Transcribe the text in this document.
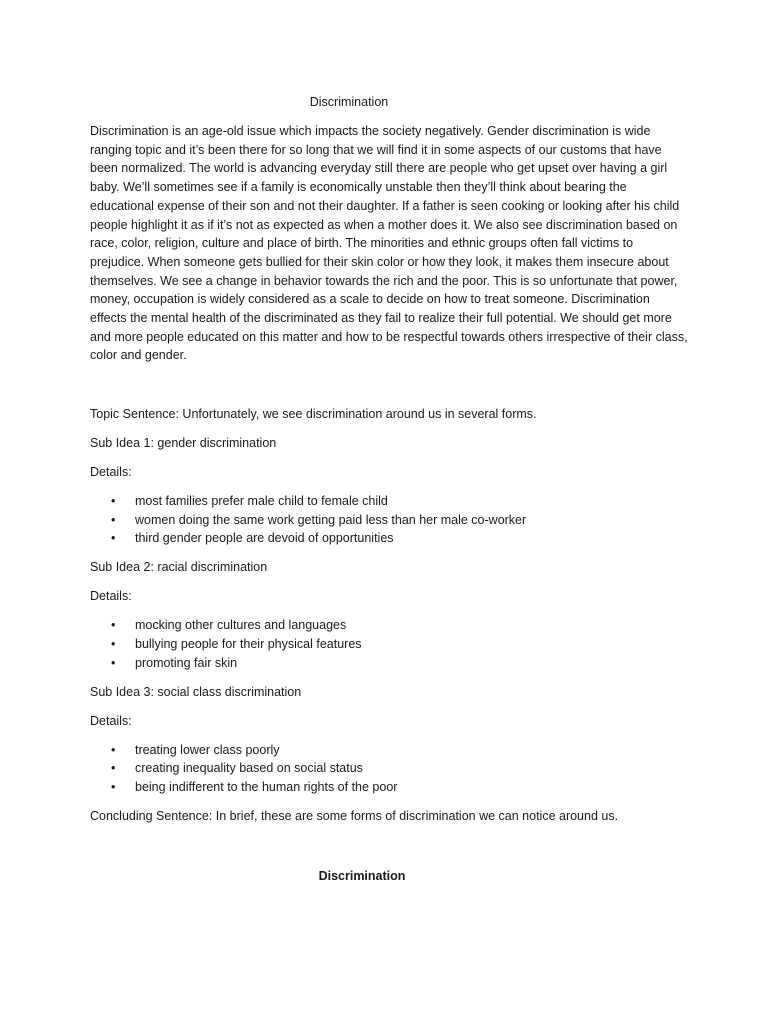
Discrimination

Discrimination is an age-old issue which impacts the society negatively. Gender discrimination is wide ranging topic and it’s been there for so long that we will find it in some aspects of our customs that have been normalized. The world is advancing everyday still there are people who get upset over having a girl baby. We’ll sometimes see if a family is economically unstable then they’ll think about bearing the educational expense of their son and not their daughter. If a father is seen cooking or looking after his child people highlight it as if it’s not as expected as when a mother does it. We also see discrimination based on race, color, religion, culture and place of birth. The minorities and ethnic groups often fall victims to prejudice. When someone gets bullied for their skin color or how they look, it makes them insecure about themselves. We see a change in behavior towards the rich and the poor. This is so unfortunate that power, money, occupation is widely considered as a scale to decide on how to treat someone. Discrimination effects the mental health of the discriminated as they fail to realize their full potential. We should get more and more people educated on this matter and how to be respectful towards others irrespective of their class, color and gender.

Topic Sentence: Unfortunately, we see discrimination around us in several forms.

Sub Idea 1: gender discrimination

Details:

• most families prefer male child to female child
• women doing the same work getting paid less than her male co-worker
• third gender people are devoid of opportunities

Sub Idea 2: racial discrimination

Details:

• mocking other cultures and languages
• bullying people for their physical features
• promoting fair skin

Sub Idea 3: social class discrimination

Details:

• treating lower class poorly
• creating inequality based on social status
• being indifferent to the human rights of the poor

Concluding Sentence: In brief, these are some forms of discrimination we can notice around us.

Discrimination
